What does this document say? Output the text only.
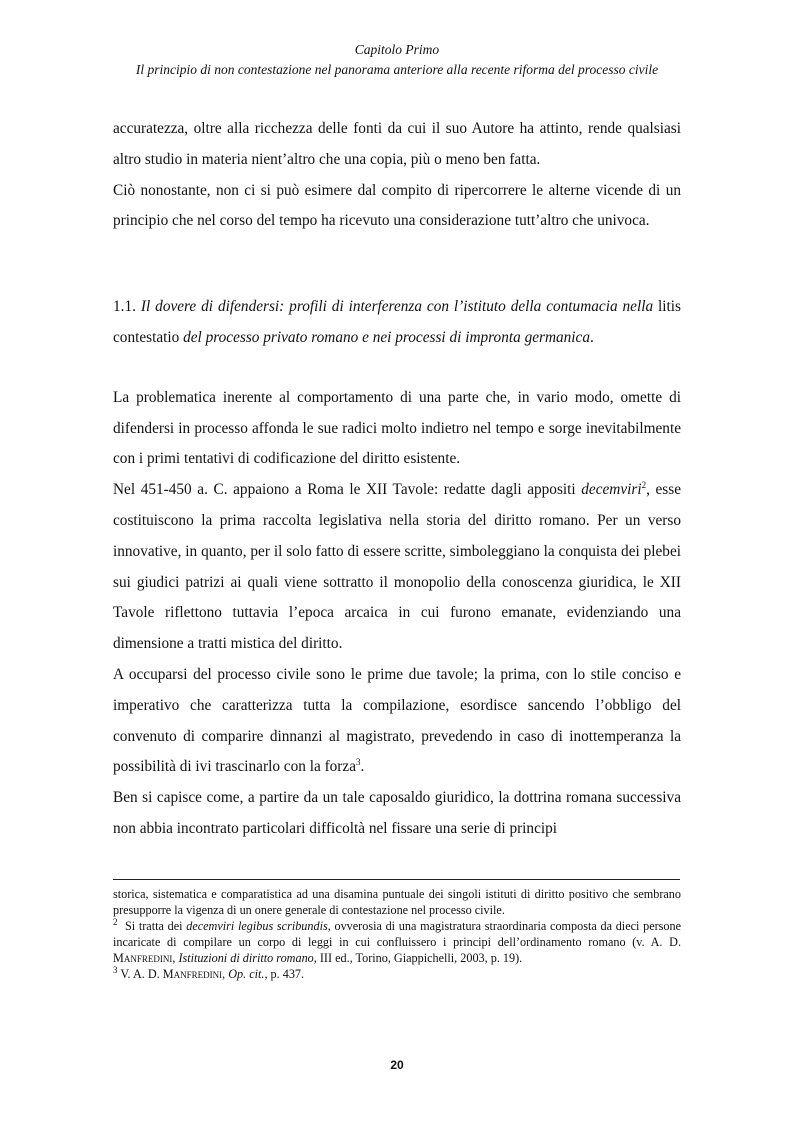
Capitolo Primo
Il principio di non contestazione nel panorama anteriore alla recente riforma del processo civile

accuratezza, oltre alla ricchezza delle fonti da cui il suo Autore ha attinto, rende qualsiasi altro studio in materia nient’altro che una copia, più o meno ben fatta.

Ciò nonostante, non ci si può esimere dal compito di ripercorrere le alterne vicende di un principio che nel corso del tempo ha ricevuto una considerazione tutt’altro che univoca.

1.1. Il dovere di difendersi: profili di interferenza con l’istituto della contumacia nella litis contestatio del processo privato romano e nei processi di impronta germanica.

La problematica inerente al comportamento di una parte che, in vario modo, omette di difendersi in processo affonda le sue radici molto indietro nel tempo e sorge inevitabilmente con i primi tentativi di codificazione del diritto esistente.

Nel 451-450 a. C. appaiono a Roma le XII Tavole: redatte dagli appositi decemviri$^2$, esse costituiscono la prima raccolta legislativa nella storia del diritto romano. Per un verso innovative, in quanto, per il solo fatto di essere scritte, simboleggiano la conquista dei plebei sui giudici patrizi ai quali viene sottratto il monopolio della conoscenza giuridica, le XII Tavole riflettono tuttavia l’epoca arcaica in cui furono emanate, evidenziando una dimensione a tratti mistica del diritto.

A occuparsi del processo civile sono le prime due tavole; la prima, con lo stile conciso e imperativo che caratterizza tutta la compilazione, esordisce sancendo l’obbligo del convenuto di comparire dinnanzi al magistrato, prevedendo in caso di inottemperanza la possibilità di ivi trascinarlo con la forza$^3$.

Ben si capisce come, a partire da un tale caposaldo giuridico, la dottrina romana successiva non abbia incontrato particolari difficoltà nel fissare una serie di principi

storica, sistematica e comparatistica ad una disamina puntuale dei singoli istituti di diritto positivo che sembrano presupporre la vigenza di un onere generale di contestazione nel processo civile.

$^2$ Si tratta dei decemviri legibus scribundis, ovverosia di una magistratura straordinaria composta da dieci persone incaricate di compilare un corpo di leggi in cui confluissero i principi dell’ordinamento romano (v. A. D. Manfredini, Istituzioni di diritto romano, III ed., Torino, Giappichelli, 2003, p. 19).

$^3$ V. A. D. Manfredini, Op. cit., p. 437.

20
